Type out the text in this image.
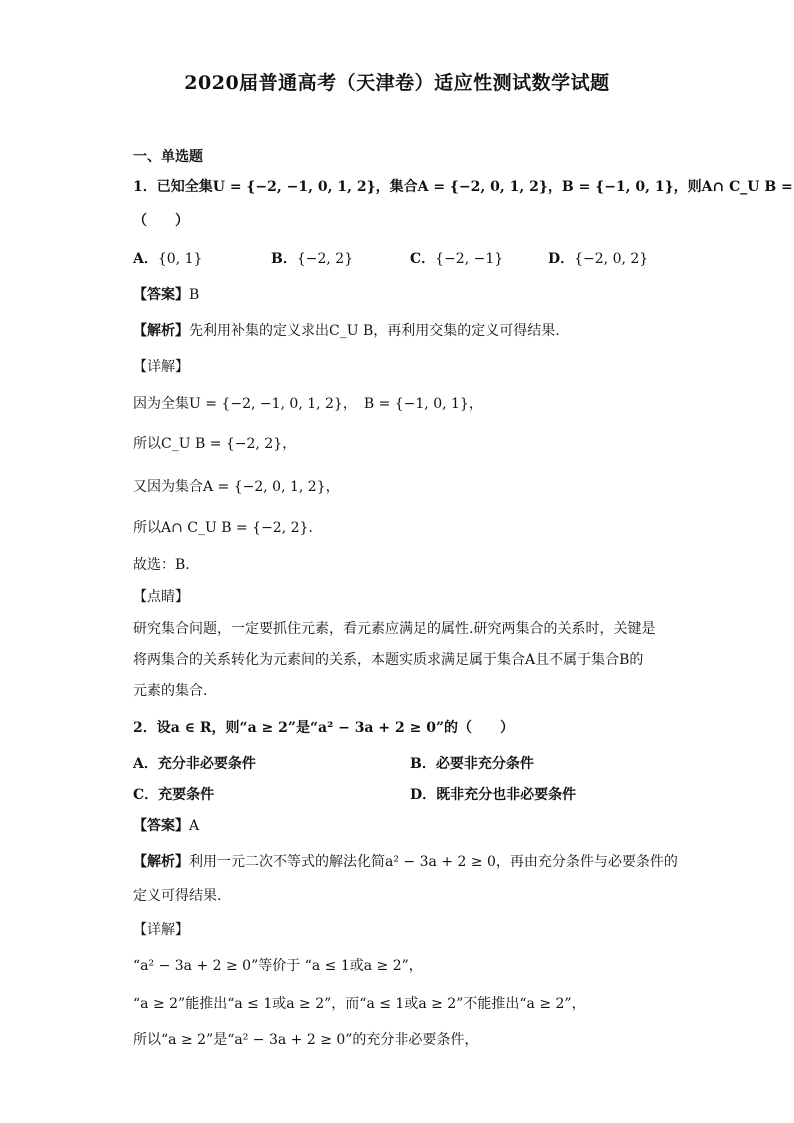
2020届普通高考（天津卷）适应性测试数学试题
一、单选题
1．已知全集U = {−2, −1, 0, 1, 2}，集合A = {−2, 0, 1, 2}，B = {−1, 0, 1}，则A∩ C_U B =
（　　）
A．{0, 1}	B．{−2, 2}	C．{−2, −1}	D．{−2, 0, 2}
【答案】B
【解析】先利用补集的定义求出C_U B，再利用交集的定义可得结果.
【详解】
因为全集U = {−2, −1, 0, 1, 2}，　B = {−1, 0, 1}，
所以C_U B = {−2, 2}，
又因为集合A = {−2, 0, 1, 2}，
所以A∩ C_U B = {−2, 2}.
故选：B.
【点睛】
研究集合问题，一定要抓住元素，看元素应满足的属性.研究两集合的关系时，关键是
将两集合的关系转化为元素间的关系，本题实质求满足属于集合A且不属于集合B的
元素的集合.
2．设a ∈ R，则“a ≥ 2”是“a² − 3a + 2 ≥ 0”的（　　）
A．充分非必要条件	B．必要非充分条件
C．充要条件	D．既非充分也非必要条件
【答案】A
【解析】利用一元二次不等式的解法化简a² − 3a + 2 ≥ 0，再由充分条件与必要条件的
定义可得结果.
【详解】
“a² − 3a + 2 ≥ 0”等价于 “a ≤ 1或a ≥ 2”，
“a ≥ 2”能推出“a ≤ 1或a ≥ 2”，而“a ≤ 1或a ≥ 2”不能推出“a ≥ 2”，
所以“a ≥ 2”是“a² − 3a + 2 ≥ 0”的充分非必要条件，
